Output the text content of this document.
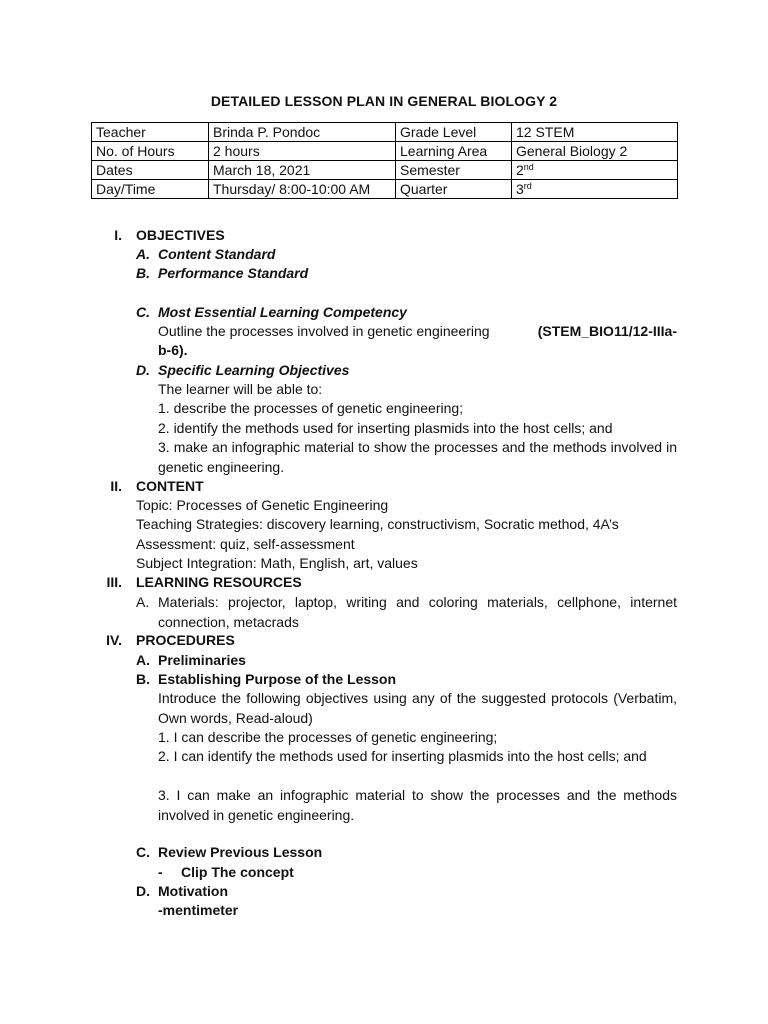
DETAILED LESSON PLAN IN GENERAL BIOLOGY 2
Teacher	Brinda P. Pondoc	Grade Level	12 STEM
No. of Hours	2 hours	Learning Area	General Biology 2
Dates	March 18, 2021	Semester	2nd
Day/Time	Thursday/ 8:00-10:00 AM	Quarter	3rd
I. OBJECTIVES
A. Content Standard
B. Performance Standard
C. Most Essential Learning Competency
Outline the processes involved in genetic engineering	(STEM_BIO11/12-IIIa-
b-6).
D. Specific Learning Objectives
The learner will be able to:
1. describe the processes of genetic engineering;
2. identify the methods used for inserting plasmids into the host cells; and
3. make an infographic material to show the processes and the methods involved in genetic engineering.
II. CONTENT
Topic: Processes of Genetic Engineering
Teaching Strategies: discovery learning, constructivism, Socratic method, 4A’s
Assessment: quiz, self-assessment
Subject Integration: Math, English, art, values
III. LEARNING RESOURCES
A. Materials: projector, laptop, writing and coloring materials, cellphone, internet connection, metacrads
IV. PROCEDURES
A. Preliminaries
B. Establishing Purpose of the Lesson
Introduce the following objectives using any of the suggested protocols (Verbatim, Own words, Read-aloud)
1. I can describe the processes of genetic engineering;
2. I can identify the methods used for inserting plasmids into the host cells; and
3. I can make an infographic material to show the processes and the methods involved in genetic engineering.
C. Review Previous Lesson
- Clip The concept
D. Motivation
-mentimeter
